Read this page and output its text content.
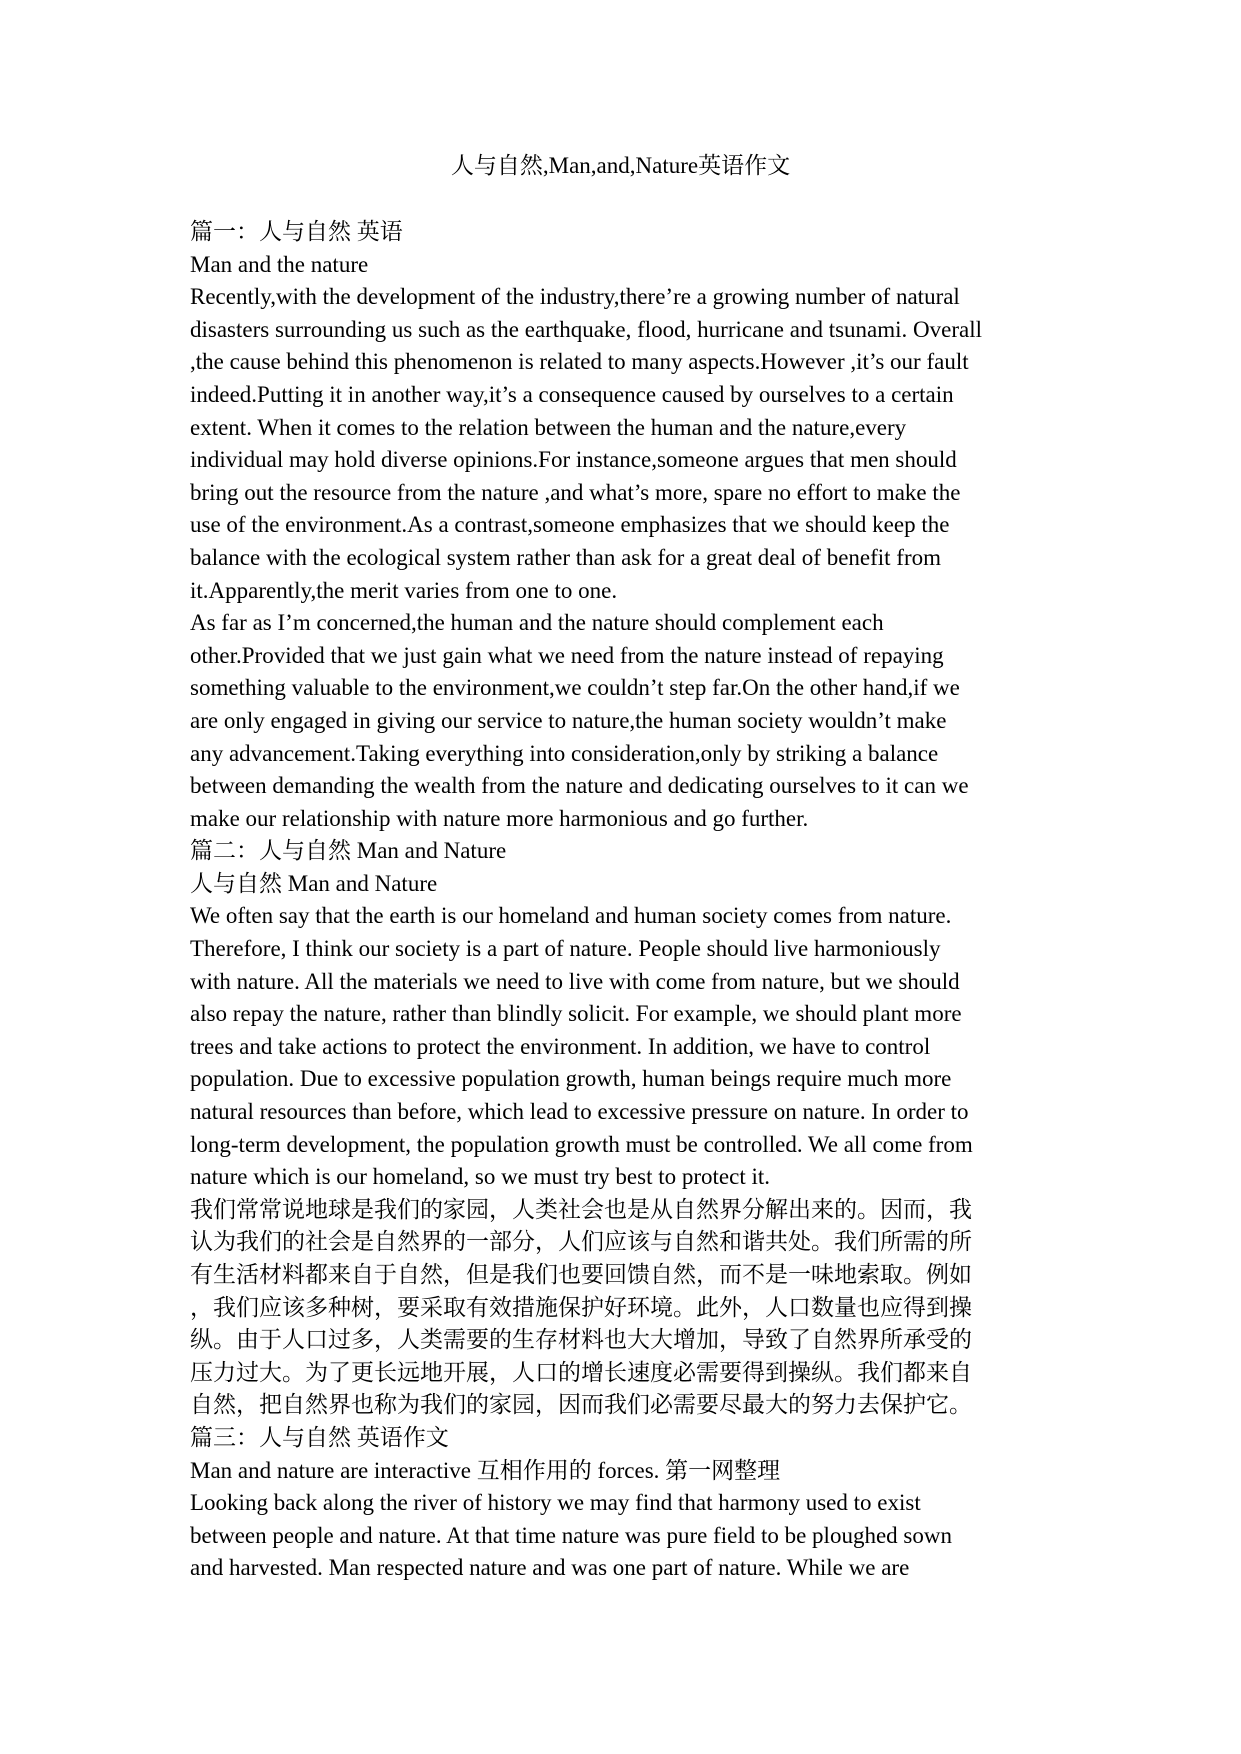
人与自然,Man,and,Nature英语作文
篇一：人与自然 英语
Man and the nature
Recently,with the development of the industry,there’re a growing number of natural
disasters surrounding us such as the earthquake, flood, hurricane and tsunami. Overall
,the cause behind this phenomenon is related to many aspects.However ,it’s our fault
indeed.Putting it in another way,it’s a consequence caused by ourselves to a certain
extent. When it comes to the relation between the human and the nature,every
individual may hold diverse opinions.For instance,someone argues that men should
bring out the resource from the nature ,and what’s more, spare no effort to make the
use of the environment.As a contrast,someone emphasizes that we should keep the
balance with the ecological system rather than ask for a great deal of benefit from
it.Apparently,the merit varies from one to one.
As far as I’m concerned,the human and the nature should complement each
other.Provided that we just gain what we need from the nature instead of repaying
something valuable to the environment,we couldn’t step far.On the other hand,if we
are only engaged in giving our service to nature,the human society wouldn’t make
any advancement.Taking everything into consideration,only by striking a balance
between demanding the wealth from the nature and dedicating ourselves to it can we
make our relationship with nature more harmonious and go further.
篇二：人与自然 Man and Nature
人与自然 Man and Nature
We often say that the earth is our homeland and human society comes from nature.
Therefore, I think our society is a part of nature. People should live harmoniously
with nature. All the materials we need to live with come from nature, but we should
also repay the nature, rather than blindly solicit. For example, we should plant more
trees and take actions to protect the environment. In addition, we have to control
population. Due to excessive population growth, human beings require much more
natural resources than before, which lead to excessive pressure on nature. In order to
long-term development, the population growth must be controlled. We all come from
nature which is our homeland, so we must try best to protect it.
我们常常说地球是我们的家园，人类社会也是从自然界分解出来的。因而，我
认为我们的社会是自然界的一部分，人们应该与自然和谐共处。我们所需的所
有生活材料都来自于自然，但是我们也要回馈自然，而不是一味地索取。例如
，我们应该多种树，要采取有效措施保护好环境。此外，人口数量也应得到操
纵。由于人口过多，人类需要的生存材料也大大增加，导致了自然界所承受的
压力过大。为了更长远地开展，人口的增长速度必需要得到操纵。我们都来自
自然，把自然界也称为我们的家园，因而我们必需要尽最大的努力去保护它。
篇三：人与自然 英语作文
Man and nature are interactive 互相作用的 forces. 第一网整理
Looking back along the river of history we may find that harmony used to exist
between people and nature. At that time nature was pure field to be ploughed sown
and harvested. Man respected nature and was one part of nature. While we are
